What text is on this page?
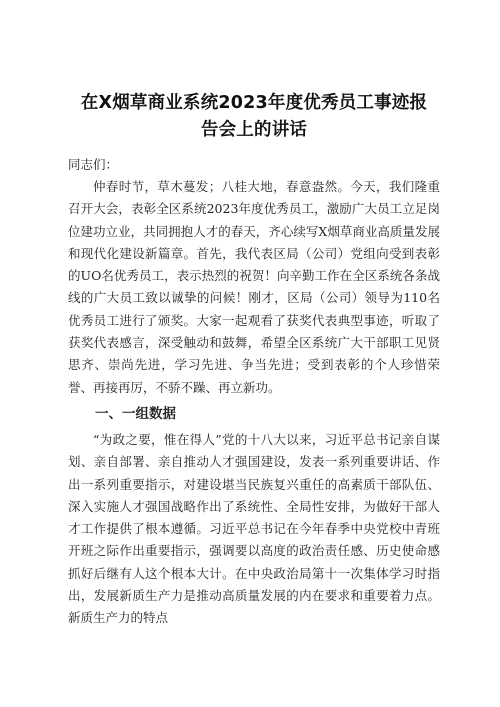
在X烟草商业系统2023年度优秀员工事迹报
告会上的讲话

同志们：

仲春时节，草木蔓发；八桂大地，春意盎然。今天，我们隆重召开大会，表彰全区系统2023年度优秀员工，激励广大员工立足岗位建功立业，共同拥抱人才的春天，齐心续写X烟草商业高质量发展和现代化建设新篇章。首先，我代表区局（公司）党组向受到表彰的UO名优秀员工，表示热烈的祝贺！向辛勤工作在全区系统各条战线的广大员工致以诚挚的问候！刚才，区局（公司）领导为110名优秀员工进行了颁奖。大家一起观看了获奖代表典型事迹，听取了获奖代表感言，深受触动和鼓舞，希望全区系统广大干部职工见贤思齐、崇尚先进，学习先进、争当先进；受到表彰的个人珍惜荣誉、再接再厉，不骄不躁、再立新功。

一、一组数据

“为政之要，惟在得人”党的十八大以来，习近平总书记亲自谋划、亲自部署、亲自推动人才强国建设，发表一系列重要讲话、作出一系列重要指示，对建设堪当民族复兴重任的高素质干部队伍、深入实施人才强国战略作出了系统性、全局性安排，为做好干部人才工作提供了根本遵循。习近平总书记在今年春季中央党校中青班开班之际作出重要指示，强调要以高度的政治责任感、历史使命感抓好后继有人这个根本大计。在中央政治局第十一次集体学习时指出，发展新质生产力是推动高质量发展的内在要求和重要着力点。新质生产力的特点
